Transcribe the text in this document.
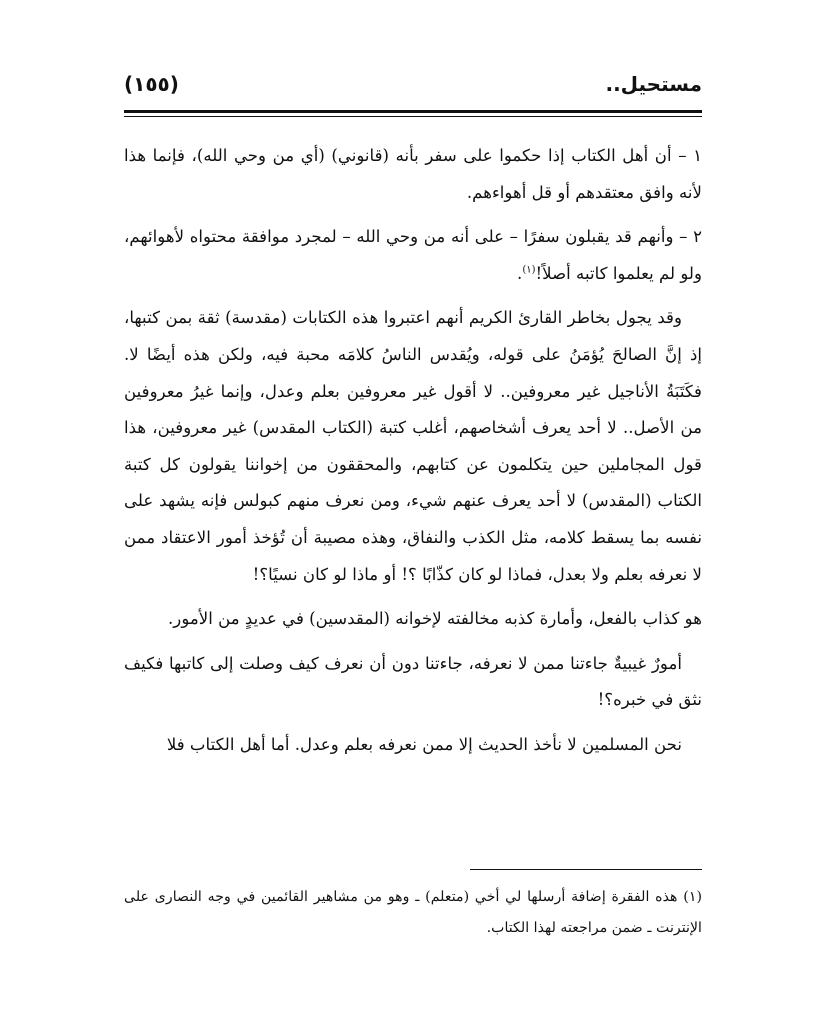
مستحيل..
(١٥٥)

١ – أن أهل الكتاب إذا حكموا على سفر بأنه (قانوني) (أي من وحي الله)، فإنما هذا لأنه وافق معتقدهم أو قل أهواءهم.

٢ – وأنهم قد يقبلون سفرًا – على أنه من وحي الله – لمجرد موافقة محتواه لأهوائهم، ولو لم يعلموا كاتبه أصلاً!$^{(١)}$.

وقد يجول بخاطر القارئ الكريم أنهم اعتبروا هذه الكتابات (مقدسة) ثقة بمن كتبها، إذ إنَّ الصالحَ يُؤمَنُ على قوله، ويُقدس الناسُ كلامَه محبة فيه، ولكن هذه أيضًا لا. فكَتَبَةُ الأناجيل غير معروفين.. لا أقول غير معروفين بعلم وعدل، وإنما غيرُ معروفين من الأصل.. لا أحد يعرف أشخاصهم، أغلب كتبة (الكتاب المقدس) غير معروفين، هذا قول المجاملين حين يتكلمون عن كتابهم، والمحققون من إخواننا يقولون كل كتبة الكتاب (المقدس) لا أحد يعرف عنهم شيء، ومن نعرف منهم كبولس فإنه يشهد على نفسه بما يسقط كلامه، مثل الكذب والنفاق، وهذه مصيبة أن تُؤخذ أمور الاعتقاد ممن لا نعرفه بعلم ولا بعدل، فماذا لو كان كذّابًا ؟! أو ماذا لو كان نسيًا؟!

هو كذاب بالفعل، وأمارة كذبه مخالفته لإخوانه (المقدسين) في عديدٍ من الأمور.

أمورٌ غيبيةٌ جاءتنا ممن لا نعرفه، جاءتنا دون أن نعرف كيف وصلت إلى كاتبها فكيف نثق في خبره؟!

نحن المسلمين لا نأخذ الحديث إلا ممن نعرفه بعلم وعدل. أما أهل الكتاب فلا

(١) هذه الفقرة إضافة أرسلها لي أخي (متعلم) ـ وهو من مشاهير القائمين في وجه النصارى على الإنترنت ـ ضمن مراجعته لهذا الكتاب.
